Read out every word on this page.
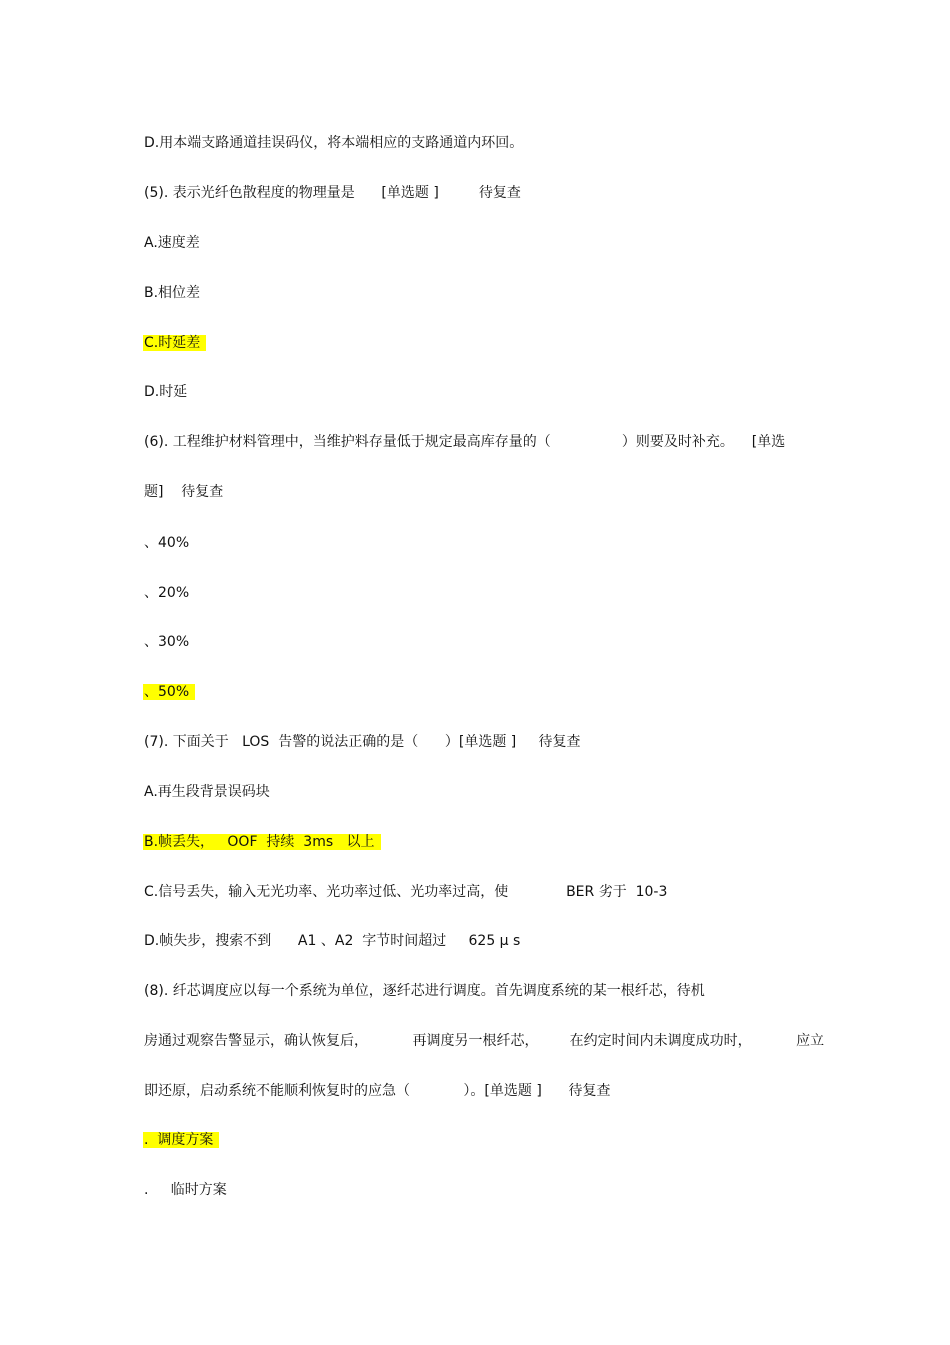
D.用本端支路通道挂误码仪，将本端相应的支路通道内环回。
(5). 表示光纤色散程度的物理量是      [单选题 ]         待复查
A.速度差
B.相位差
C.时延差
D.时延
(6). 工程维护材料管理中，当维护料存量低于规定最高库存量的（                ）则要及时补充。    [单选
题]    待复查
、40%
、20%
、30%
、50%
(7). 下面关于   LOS  告警的说法正确的是（      ）[单选题 ]     待复查
A.再生段背景误码块
B.帧丢失，   OOF  持续  3ms   以上
C.信号丢失，输入无光功率、光功率过低、光功率过高，使             BER 劣于  10-3
D.帧失步，搜索不到      A1 、A2  字节时间超过     625 μ s
(8). 纤芯调度应以每一个系统为单位，逐纤芯进行调度。首先调度系统的某一根纤芯，待机
房通过观察告警显示，确认恢复后，          再调度另一根纤芯，       在约定时间内未调度成功时，          应立
即还原，启动系统不能顺利恢复时的应急（            ）。[单选题 ]      待复查
.  调度方案
.     临时方案
